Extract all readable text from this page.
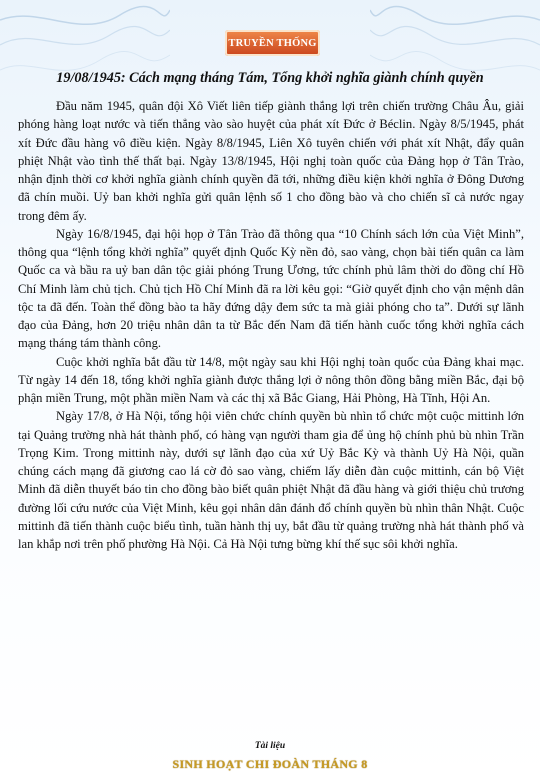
TRUYỀN THỐNG
19/08/1945: Cách mạng tháng Tám, Tổng khởi nghĩa giành chính quyền

Đầu năm 1945, quân đội Xô Viết liên tiếp giành thắng lợi trên chiến trường Châu Âu, giải phóng hàng loạt nước và tiến thẳng vào sào huyệt của phát xít Đức ở Béclin. Ngày 8/5/1945, phát xít Đức đầu hàng vô điều kiện. Ngày 8/8/1945, Liên Xô tuyên chiến với phát xít Nhật, đẩy quân phiệt Nhật vào tình thế thất bại. Ngày 13/8/1945, Hội nghị toàn quốc của Đảng họp ở Tân Trào, nhận định thời cơ khởi nghĩa giành chính quyền đã tới, những điều kiện khởi nghĩa ở Đông Dương đã chín muồi. Uỷ ban khởi nghĩa gửi quân lệnh số 1 cho đồng bào và cho chiến sĩ cả nước ngay trong đêm ấy.

Ngày 16/8/1945, đại hội họp ở Tân Trào đã thông qua “10 Chính sách lớn của Việt Minh”, thông qua “lệnh tổng khởi nghĩa” quyết định Quốc Kỳ nền đỏ, sao vàng, chọn bài tiến quân ca làm Quốc ca và bầu ra uỷ ban dân tộc giải phóng Trung Ương, tức chính phủ lâm thời do đồng chí Hồ Chí Minh làm chủ tịch. Chủ tịch Hồ Chí Minh đã ra lời kêu gọi: “Giờ quyết định cho vận mệnh dân tộc ta đã đến. Toàn thể đồng bào ta hãy đứng dậy đem sức ta mà giải phóng cho ta”. Dưới sự lãnh đạo của Đảng, hơn 20 triệu nhân dân ta từ Bắc đến Nam đã tiến hành cuốc tổng khởi nghĩa cách mạng tháng tám thành công.

Cuộc khởi nghĩa bắt đầu từ 14/8, một ngày sau khi Hội nghị toàn quốc của Đảng khai mạc. Từ ngày 14 đến 18, tổng khởi nghĩa giành được thắng lợi ở nông thôn đồng bằng miền Bắc, đại bộ phận miền Trung, một phần miền Nam và các thị xã Bắc Giang, Hải Phòng, Hà Tĩnh, Hội An.

Ngày 17/8, ở Hà Nội, tổng hội viên chức chính quyền bù nhìn tổ chức một cuộc mittinh lớn tại Quảng trường nhà hát thành phố, có hàng vạn người tham gia để ủng hộ chính phủ bù nhìn Trần Trọng Kim. Trong mittinh này, dưới sự lãnh đạo của xứ Uỷ Bắc Kỳ và thành Uỷ Hà Nội, quần chúng cách mạng đã giương cao lá cờ đỏ sao vàng, chiếm lấy diễn đàn cuộc mittinh, cán bộ Việt Minh đã diễn thuyết báo tin cho đồng bào biết quân phiệt Nhật đã đầu hàng và giới thiệu chủ trương đường lối cứu nước của Việt Minh, kêu gọi nhân dân đánh đổ chính quyền bù nhìn thân Nhật. Cuộc mittinh đã tiến thành cuộc biểu tình, tuần hành thị uy, bắt đầu từ quảng trường nhà hát thành phố và lan khắp nơi trên phố phường Hà Nội. Cả Hà Nội tưng bừng khí thế sục sôi khởi nghĩa.

Tài liệu
SINH HOẠT CHI ĐOÀN THÁNG 8
